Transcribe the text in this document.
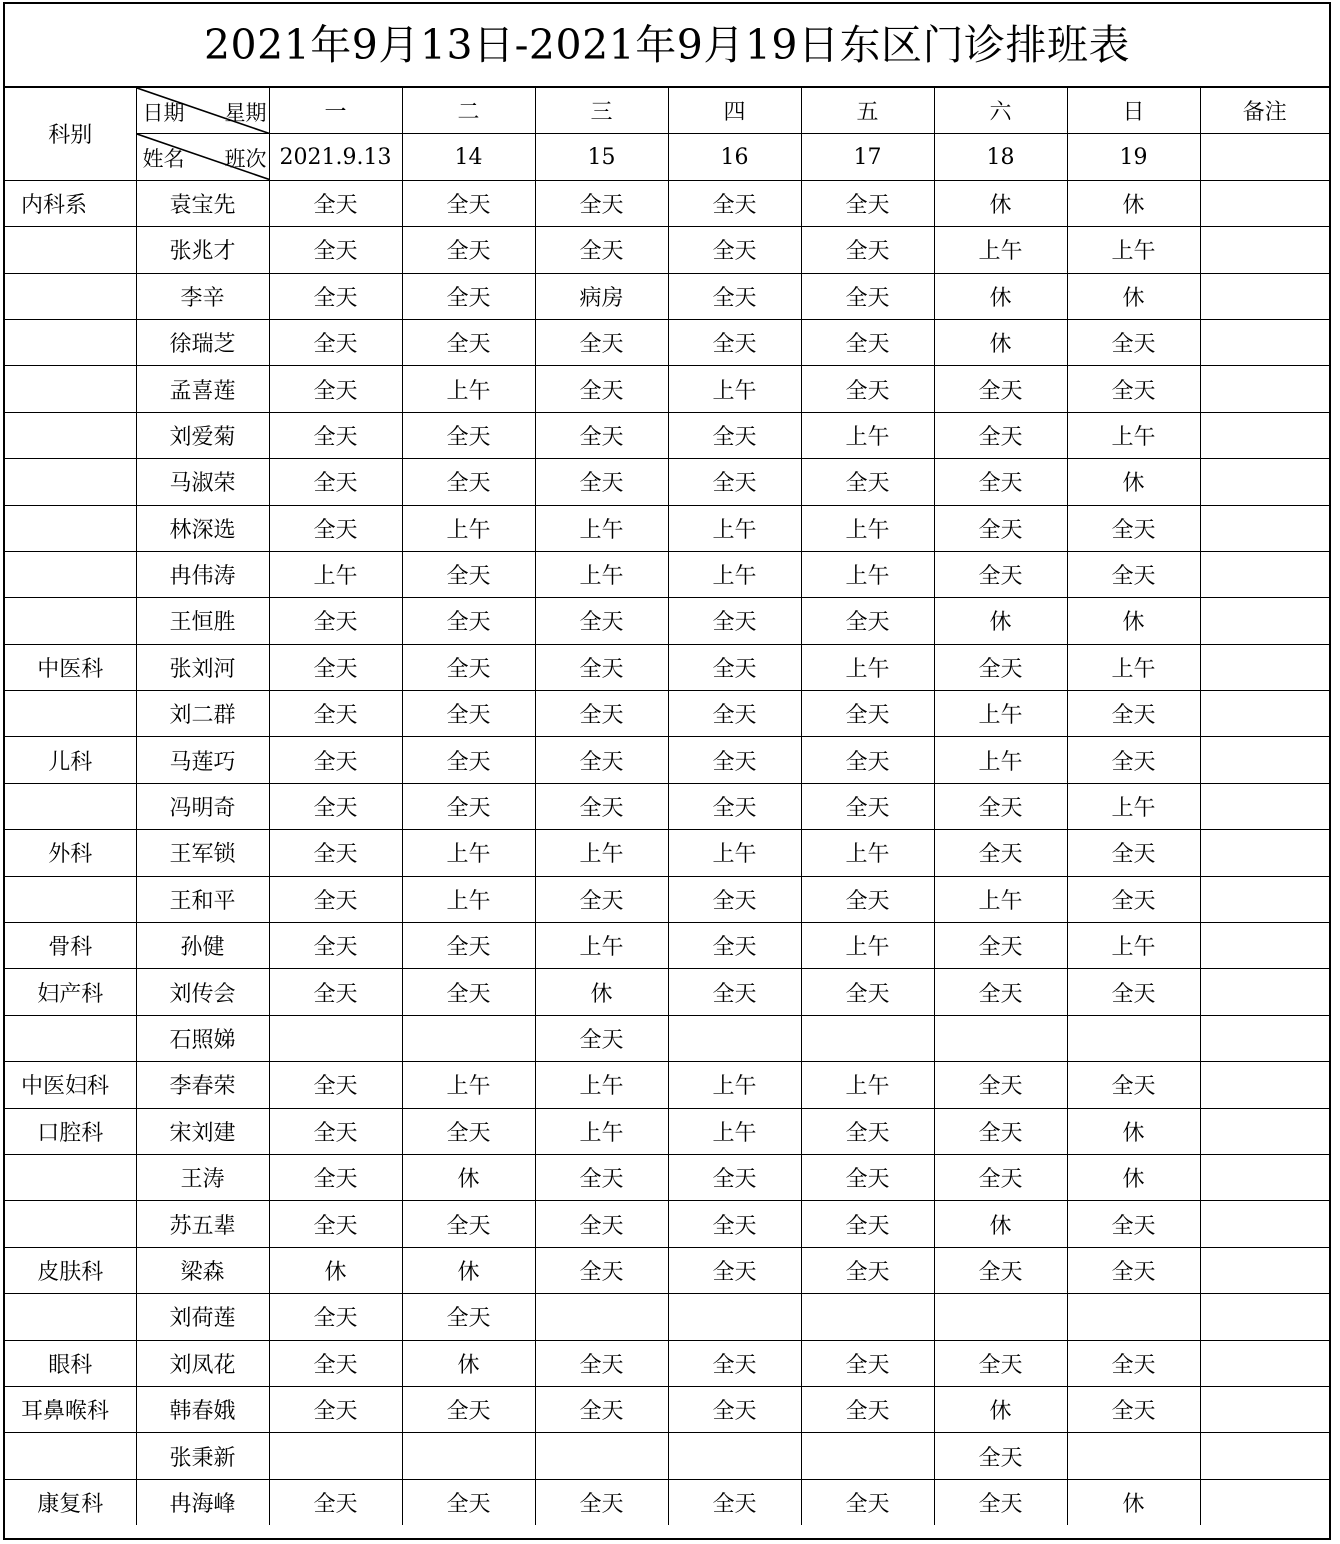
2021年9月13日-2021年9月19日东区门诊排班表
科别	日期 星期	一	二	三	四	五	六	日	备注

	姓名 班次	2021.9.13	14	15	16	17	18	19	
内科系	袁宝先	全天	全天	全天	全天	全天	休	休	
	张兆才	全天	全天	全天	全天	全天	上午	上午	
	李辛	全天	全天	病房	全天	全天	休	休	
	徐瑞芝	全天	全天	全天	全天	全天	休	全天	
	孟喜莲	全天	上午	全天	上午	全天	全天	全天	
	刘爱菊	全天	全天	全天	全天	上午	全天	上午	
	马淑荣	全天	全天	全天	全天	全天	全天	休	
	林深选	全天	上午	上午	上午	上午	全天	全天	
	冉伟涛	上午	全天	上午	上午	上午	全天	全天	
	王恒胜	全天	全天	全天	全天	全天	休	休	
中医科	张刘河	全天	全天	全天	全天	上午	全天	上午	
	刘二群	全天	全天	全天	全天	全天	上午	全天	
儿科	马莲巧	全天	全天	全天	全天	全天	上午	全天	
	冯明奇	全天	全天	全天	全天	全天	全天	上午	
外科	王军锁	全天	上午	上午	上午	上午	全天	全天	
	王和平	全天	上午	全天	全天	全天	上午	全天	
骨科	孙健	全天	全天	上午	全天	上午	全天	上午	
妇产科	刘传会	全天	全天	休	全天	全天	全天	全天	
	石照娣			全天					
中医妇科	李春荣	全天	上午	上午	上午	上午	全天	全天	
口腔科	宋刘建	全天	全天	上午	上午	全天	全天	休	
	王涛	全天	休	全天	全天	全天	全天	休	
	苏五辈	全天	全天	全天	全天	全天	休	全天	
皮肤科	梁森	休	休	全天	全天	全天	全天	全天	
	刘荷莲	全天	全天						
眼科	刘凤花	全天	休	全天	全天	全天	全天	全天	
耳鼻喉科	韩春娥	全天	全天	全天	全天	全天	休	全天	
	张秉新						全天		
康复科	冉海峰	全天	全天	全天	全天	全天	全天	休	
